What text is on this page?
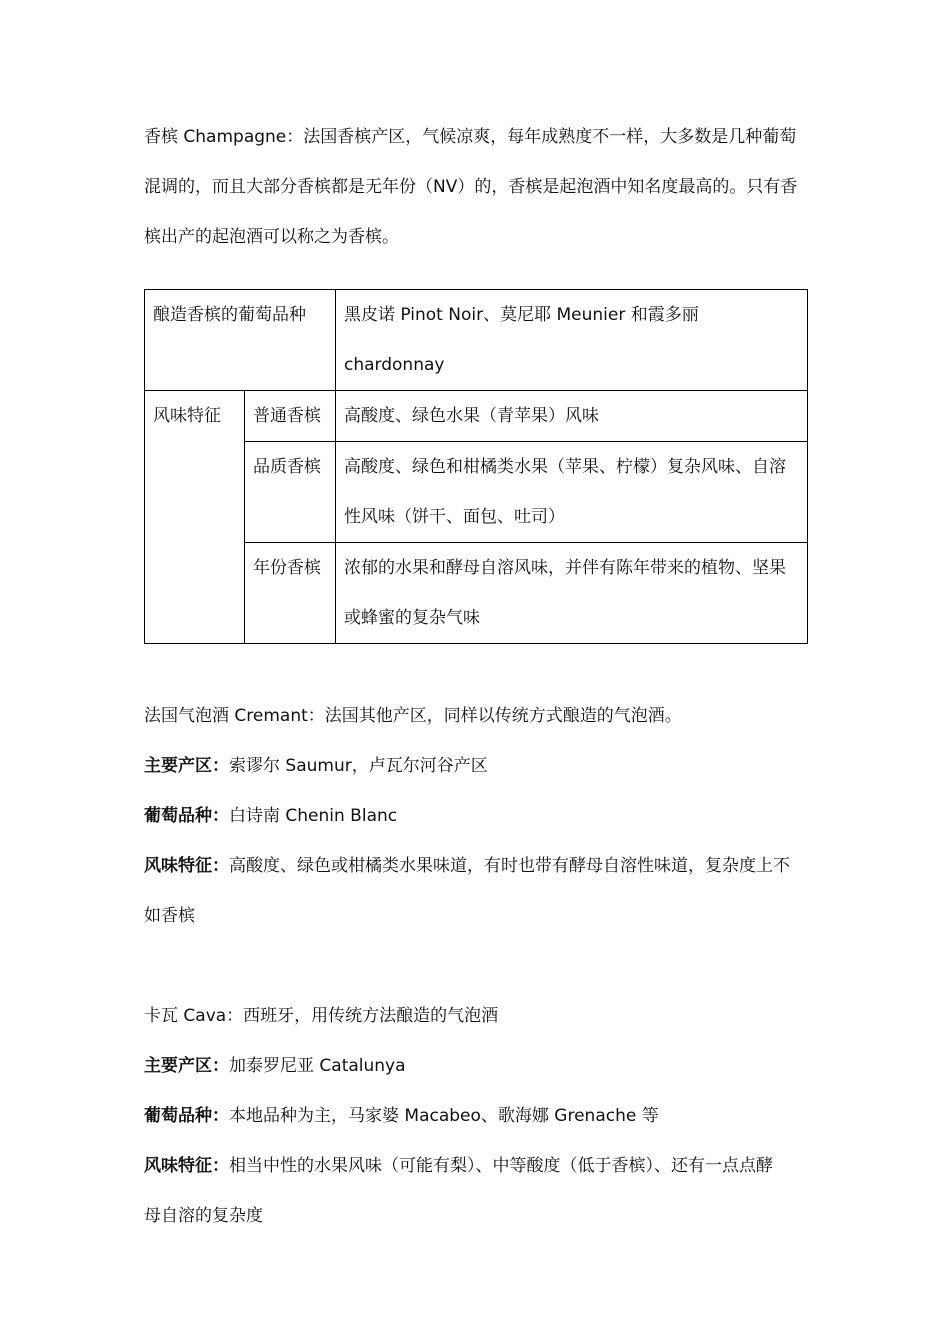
香槟 Champagne：法国香槟产区，气候凉爽，每年成熟度不一样，大多数是几种葡萄
混调的，而且大部分香槟都是无年份（NV）的，香槟是起泡酒中知名度最高的。只有香
槟出产的起泡酒可以称之为香槟。

酿造香槟的葡萄品种		黑皮诺 Pinot Noir、莫尼耶 Meunier 和霞多丽 chardonnay
风味特征	普通香槟	高酸度、绿色水果（青苹果）风味

	品质香槟	高酸度、绿色和柑橘类水果（苹果、柠檬）复杂风味、自溶
性风味（饼干、面包、吐司）

	年份香槟	浓郁的水果和酵母自溶风味，并伴有陈年带来的植物、坚果
或蜂蜜的复杂气味
法国气泡酒 Cremant：法国其他产区，同样以传统方式酿造的气泡酒。
主要产区：索谬尔 Saumur，卢瓦尔河谷产区
葡萄品种：白诗南 Chenin Blanc
风味特征：高酸度、绿色或柑橘类水果味道，有时也带有酵母自溶性味道，复杂度上不
如香槟
卡瓦 Cava：西班牙，用传统方法酿造的气泡酒
主要产区：加泰罗尼亚 Catalunya
葡萄品种：本地品种为主，马家婆 Macabeo、歌海娜 Grenache 等
风味特征：相当中性的水果风味（可能有梨）、中等酸度（低于香槟）、还有一点点酵
母自溶的复杂度
